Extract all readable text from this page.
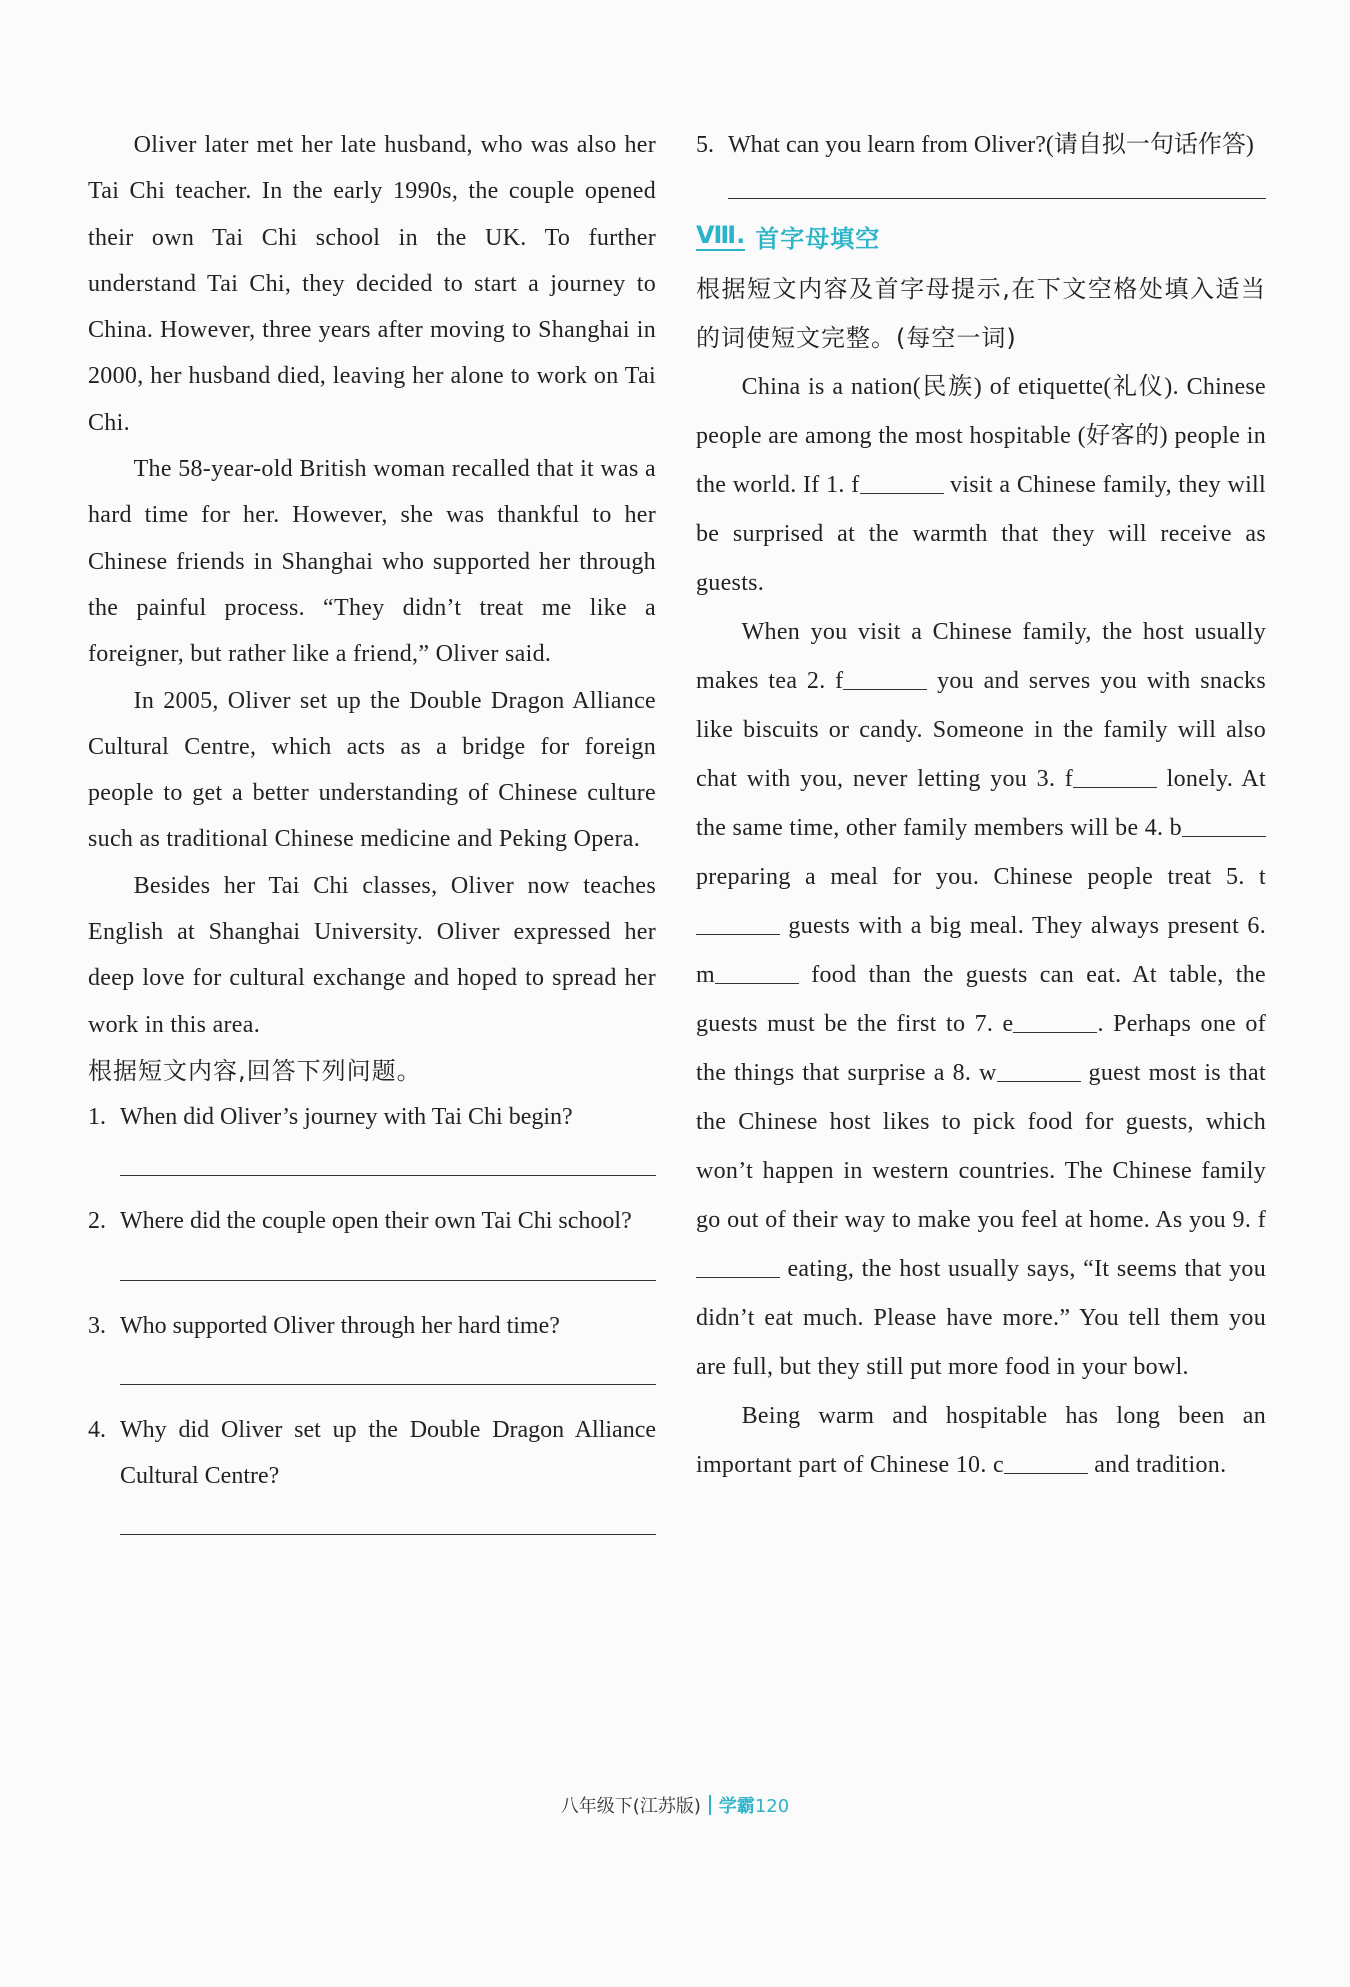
Oliver later met her late husband, who was also her Tai Chi teacher. In the early 1990s, the couple opened their own Tai Chi school in the UK. To further understand Tai Chi, they decided to start a journey to China. However, three years after moving to Shanghai in 2000, her husband died, leaving her alone to work on Tai Chi.

The 58-year-old British woman recalled that it was a hard time for her. However, she was thankful to her Chinese friends in Shanghai who supported her through the painful process. “They didn’t treat me like a foreigner, but rather like a friend,” Oliver said.

In 2005, Oliver set up the Double Dragon Alliance Cultural Centre, which acts as a bridge for foreign people to get a better understanding of Chinese culture such as traditional Chinese medicine and Peking Opera.

Besides her Tai Chi classes, Oliver now teaches English at Shanghai University. Oliver expressed her deep love for cultural exchange and hoped to spread her work in this area.

根据短文内容,回答下列问题。

1. When did Oliver’s journey with Tai Chi begin?
2. Where did the couple open their own Tai Chi school?
3. Who supported Oliver through her hard time?
4. Why did Oliver set up the Double Dragon Alliance Cultural Centre?
5. What can you learn from Oliver?(请自拟一句话作答)
Ⅷ. 首字母填空

根据短文内容及首字母提示,在下文空格处填入适当的词使短文完整。(每空一词)

China is a nation(民族) of etiquette(礼仪). Chinese people are among the most hospitable (好客的) people in the world. If 1. f	visit a Chinese family, they will be surprised at the warmth that they will receive as guests.

When you visit a Chinese family, the host usually makes tea 2. f	you and serves you with snacks like biscuits or candy. Someone in the family will also chat with you, never letting you 3. f	lonely. At the same time, other family members will be 4. b preparing a meal for you. Chinese people treat 5. t guests with a big meal. They always present 6. m	food than the guests can eat. At table, the guests must be the first to 7. e	. Perhaps one of the things that surprise a 8. w	guest most is that the Chinese host likes to pick food for guests, which won’t happen in western countries. The Chinese family go out of their way to make you feel at home. As you 9. f eating, the host usually says, “It seems that you didn’t eat much. Please have more.” You tell them you are full, but they still put more food in your bowl.

Being warm and hospitable has long been an important part of Chinese 10. c	and tradition.

八年级下(江苏版) 学霸120
